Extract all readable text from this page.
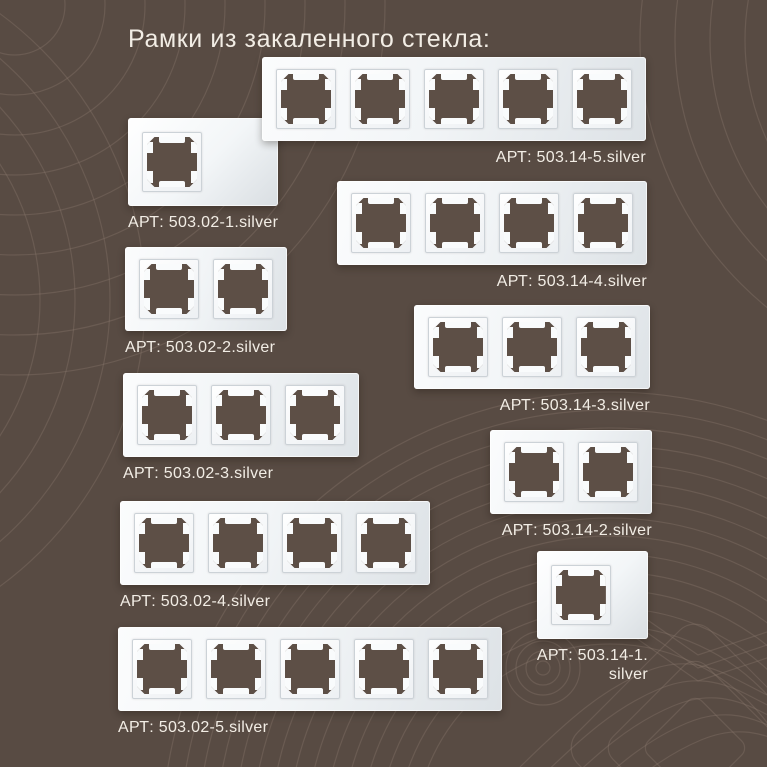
Рамки из закаленного стекла:
АРТ: 503.02-1.silver
АРТ: 503.02-2.silver
АРТ: 503.02-3.silver
АРТ: 503.02-4.silver
АРТ: 503.02-5.silver
АРТ: 503.14-5.silver
АРТ: 503.14-4.silver
АРТ: 503.14-3.silver
АРТ: 503.14-2.silver
АРТ: 503.14-1.
silver
